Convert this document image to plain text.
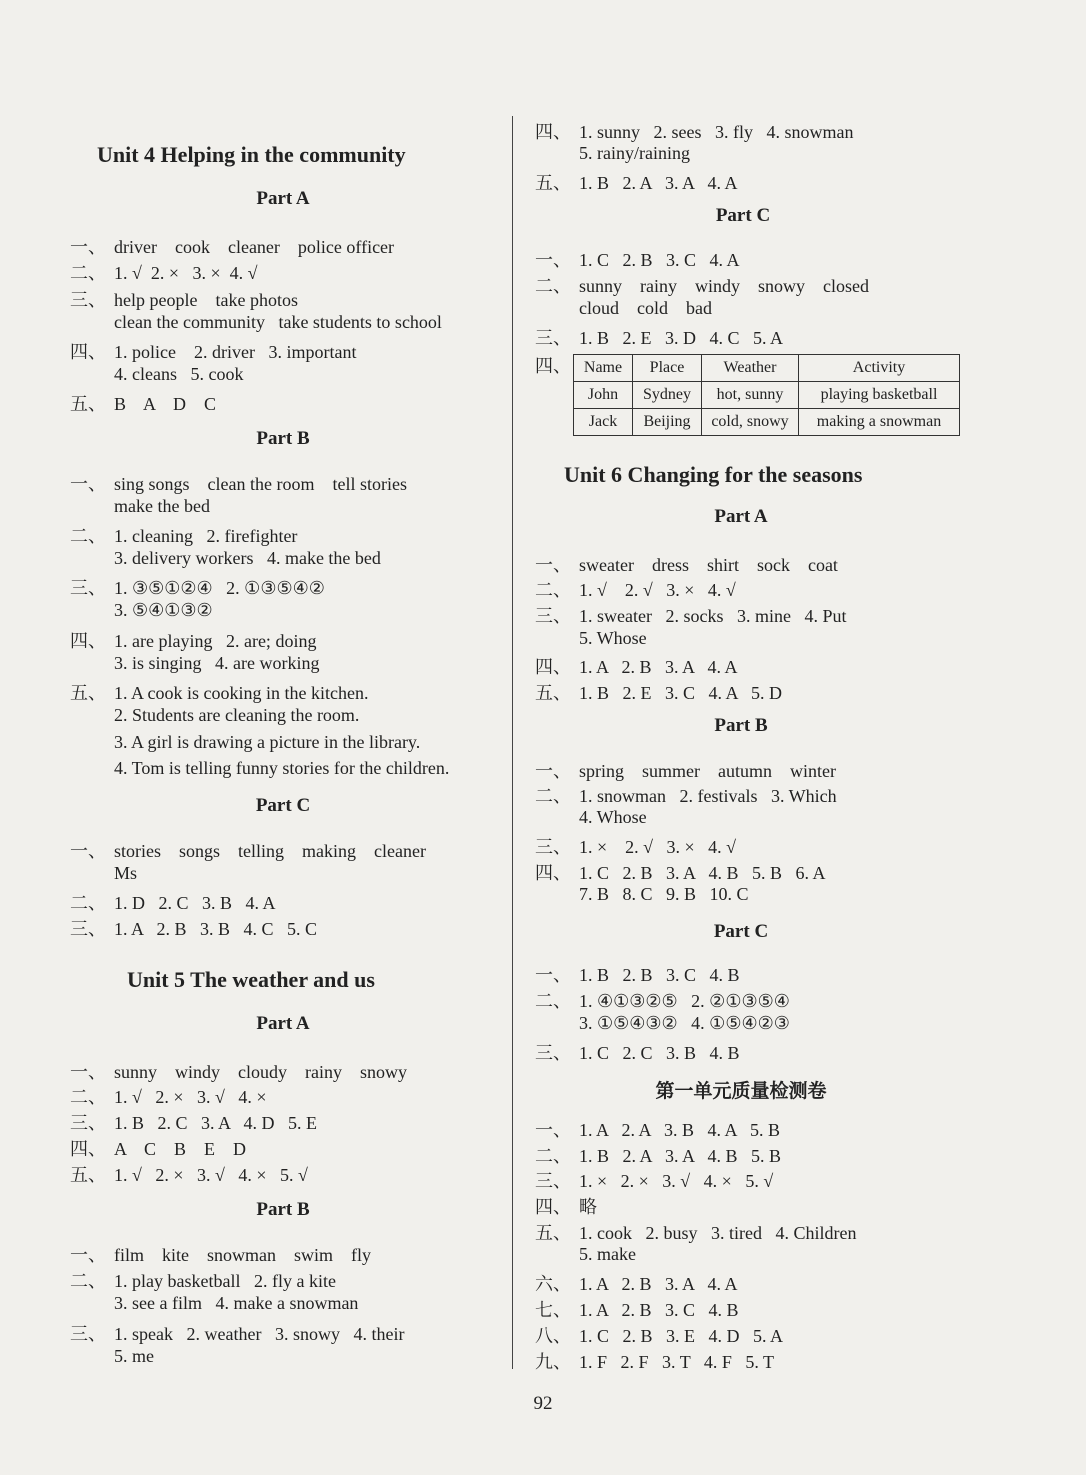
Unit 4 Helping in the community
Part A
一、 driver    cook    cleaner    police officer
二、 1. √  2. ×   3. ×  4. √
三、 help people    take photos
clean the community   take students to school
四、 1. police    2. driver   3. important
4. cleans   5. cook
五、 B    A    D    C
Part B
一、 sing songs    clean the room    tell stories
make the bed
二、 1. cleaning   2. firefighter
3. delivery workers   4. make the bed
三、 1. ③⑤①②④   2. ①③⑤④②
3. ⑤④①③②
四、 1. are playing   2. are; doing
3. is singing   4. are working
五、 1. A cook is cooking in the kitchen.
2. Students are cleaning the room.
3. A girl is drawing a picture in the library.
4. Tom is telling funny stories for the children.
Part C
一、 stories    songs    telling    making    cleaner
Ms
二、 1. D   2. C   3. B   4. A
三、 1. A   2. B   3. B   4. C   5. C
Unit 5 The weather and us
Part A
一、 sunny    windy    cloudy    rainy    snowy
二、 1. √   2. ×   3. √   4. ×
三、 1. B   2. C   3. A   4. D   5. E
四、 A    C    B    E    D
五、 1. √   2. ×   3. √   4. ×   5. √
Part B
一、 film    kite    snowman    swim    fly
二、 1. play basketball   2. fly a kite
3. see a film   4. make a snowman
三、 1. speak   2. weather   3. snowy   4. their
5. me
四、 1. sunny   2. sees   3. fly   4. snowman
5. rainy/raining
五、 1. B   2. A   3. A   4. A
Part C
一、 1. C   2. B   3. C   4. A
二、 sunny    rainy    windy    snowy    closed
cloud    cold    bad
三、 1. B   2. E   3. D   4. C   5. A
四、 Name	Place	Weather	Activity
John	Sydney	hot, sunny	playing basketball
Jack	Beijing	cold, snowy	making a snowman
Unit 6 Changing for the seasons
Part A
一、 sweater    dress    shirt    sock    coat
二、 1. √    2. √   3. ×   4. √
三、 1. sweater   2. socks   3. mine   4. Put
5. Whose
四、 1. A   2. B   3. A   4. A
五、 1. B   2. E   3. C   4. A   5. D
Part B
一、 spring    summer    autumn    winter
二、 1. snowman   2. festivals   3. Which
4. Whose
三、 1. ×    2. √   3. ×   4. √
四、 1. C   2. B   3. A   4. B   5. B   6. A
7. B   8. C   9. B   10. C
Part C
一、 1. B   2. B   3. C   4. B
二、 1. ④①③②⑤   2. ②①③⑤④
3. ①⑤④③②   4. ①⑤④②③
三、 1. C   2. C   3. B   4. B
第一单元质量检测卷
一、 1. A   2. A   3. B   4. A   5. B
二、 1. B   2. A   3. A   4. B   5. B
三、 1. ×   2. ×   3. √   4. ×   5. √
四、 略
五、 1. cook   2. busy   3. tired   4. Children
5. make
六、 1. A   2. B   3. A   4. A
七、 1. A   2. B   3. C   4. B
八、 1. C   2. B   3. E   4. D   5. A
九、 1. F   2. F   3. T   4. F   5. T
92
